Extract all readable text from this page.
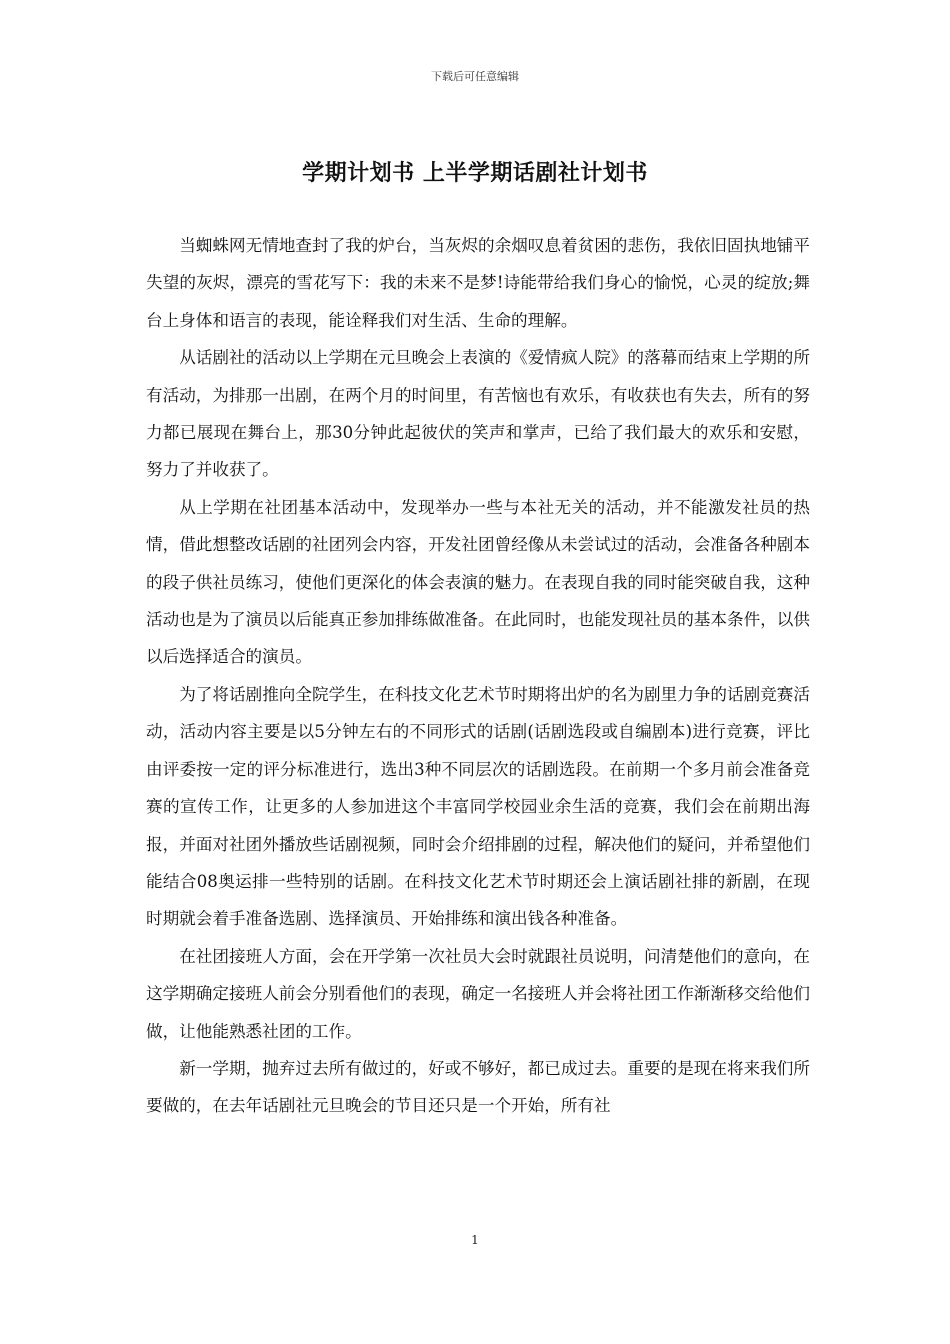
下载后可任意编辑
学期计划书 上半学期话剧社计划书

当蜘蛛网无情地查封了我的炉台，当灰烬的余烟叹息着贫困的悲伤，我依旧固执地铺平失望的灰烬，漂亮的雪花写下：我的未来不是梦!诗能带给我们身心的愉悦，心灵的绽放;舞台上身体和语言的表现，能诠释我们对生活、生命的理解。

从话剧社的活动以上学期在元旦晚会上表演的《爱情疯人院》的落幕而结束上学期的所有活动，为排那一出剧，在两个月的时间里，有苦恼也有欢乐，有收获也有失去，所有的努力都已展现在舞台上，那30分钟此起彼伏的笑声和掌声，已给了我们最大的欢乐和安慰，努力了并收获了。

从上学期在社团基本活动中，发现举办一些与本社无关的活动，并不能激发社员的热情，借此想整改话剧的社团列会内容，开发社团曾经像从未尝试过的活动，会准备各种剧本的段子供社员练习，使他们更深化的体会表演的魅力。在表现自我的同时能突破自我，这种活动也是为了演员以后能真正参加排练做准备。在此同时，也能发现社员的基本条件，以供以后选择适合的演员。

为了将话剧推向全院学生，在科技文化艺术节时期将出炉的名为剧里力争的话剧竞赛活动，活动内容主要是以5分钟左右的不同形式的话剧(话剧选段或自编剧本)进行竞赛，评比由评委按一定的评分标准进行，选出3种不同层次的话剧选段。在前期一个多月前会准备竞赛的宣传工作，让更多的人参加进这个丰富同学校园业余生活的竞赛，我们会在前期出海报，并面对社团外播放些话剧视频，同时会介绍排剧的过程，解决他们的疑问，并希望他们能结合08奥运排一些特别的话剧。在科技文化艺术节时期还会上演话剧社排的新剧，在现时期就会着手准备选剧、选择演员、开始排练和演出钱各种准备。

在社团接班人方面，会在开学第一次社员大会时就跟社员说明，问清楚他们的意向，在这学期确定接班人前会分别看他们的表现，确定一名接班人并会将社团工作渐渐移交给他们做，让他能熟悉社团的工作。

新一学期，抛弃过去所有做过的，好或不够好，都已成过去。重要的是现在将来我们所要做的，在去年话剧社元旦晚会的节目还只是一个开始，所有社

1
